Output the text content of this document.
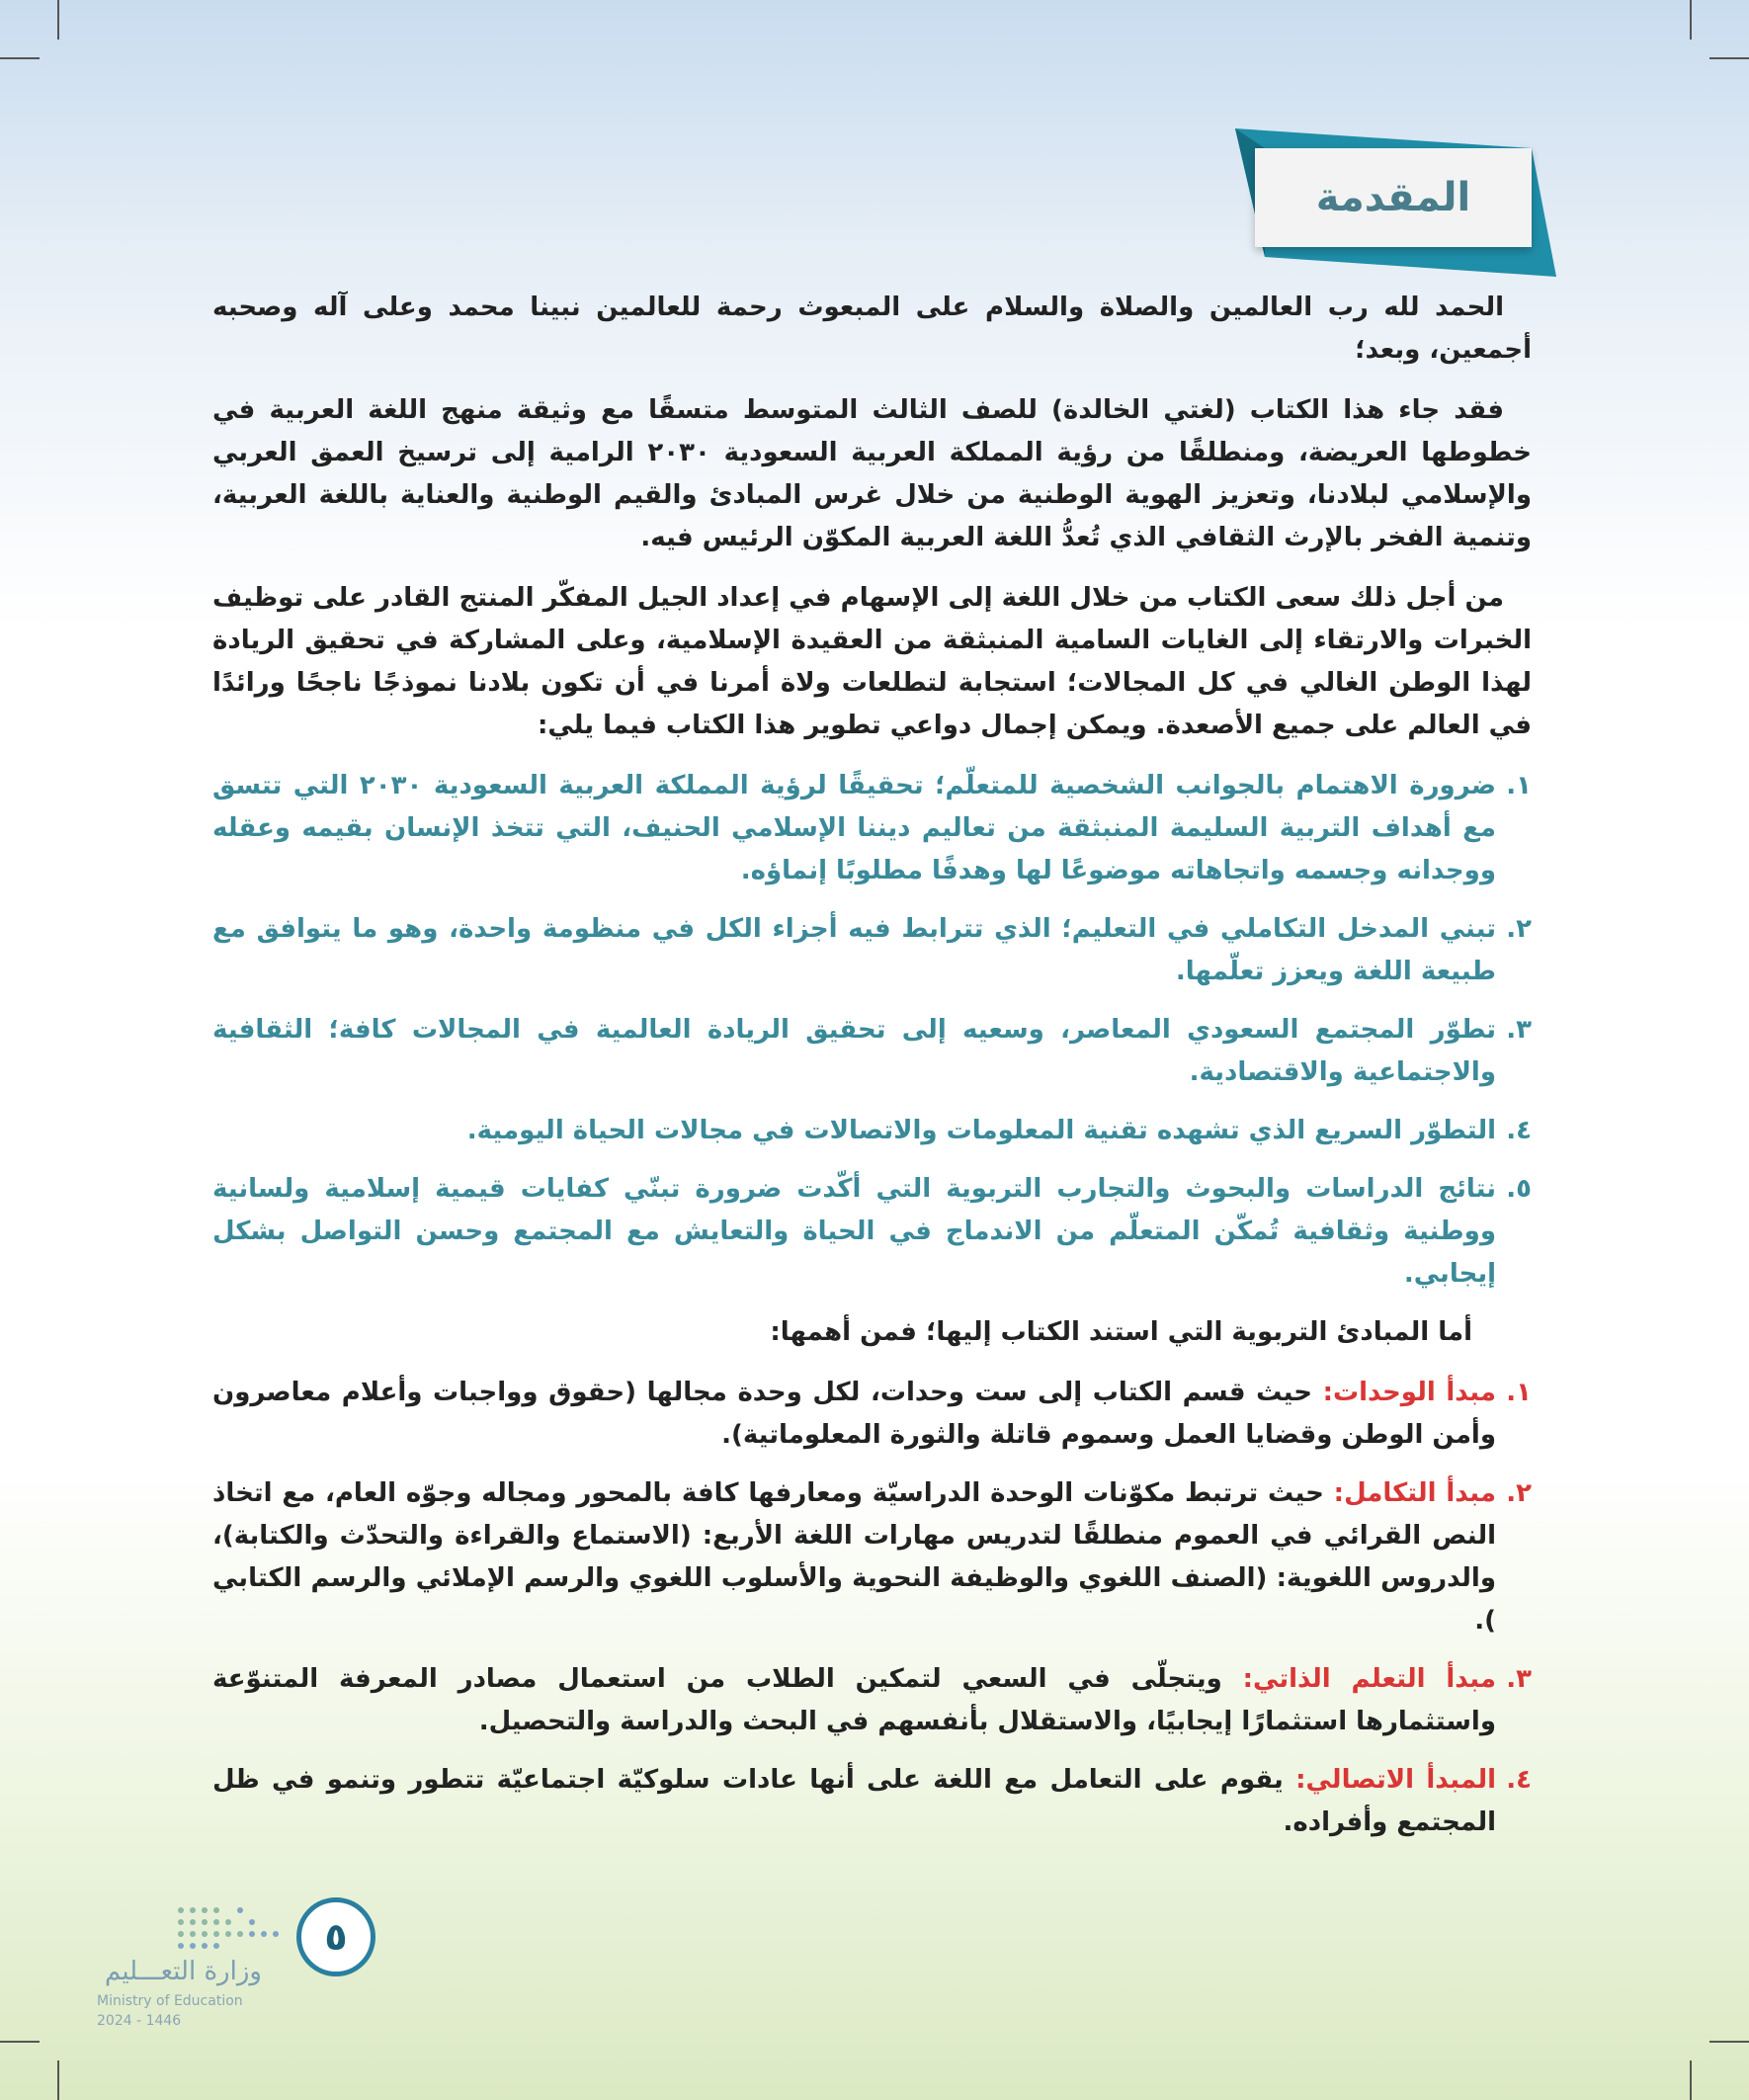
المقدمة

الحمد لله رب العالمين والصلاة والسلام على المبعوث رحمة للعالمين نبينا محمد وعلى آله وصحبه أجمعين، وبعد؛

فقد جاء هذا الكتاب (لغتي الخالدة) للصف الثالث المتوسط متسقًا مع وثيقة منهج اللغة العربية في خطوطها العريضة، ومنطلقًا من رؤية المملكة العربية السعودية ٢٠٣٠ الرامية إلى ترسيخ العمق العربي والإسلامي لبلادنا، وتعزيز الهوية الوطنية من خلال غرس المبادئ والقيم الوطنية والعناية باللغة العربية، وتنمية الفخر بالإرث الثقافي الذي تُعدُّ اللغة العربية المكوّن الرئيس فيه.

من أجل ذلك سعى الكتاب من خلال اللغة إلى الإسهام في إعداد الجيل المفكّر المنتج القادر على توظيف الخبرات والارتقاء إلى الغايات السامية المنبثقة من العقيدة الإسلامية، وعلى المشاركة في تحقيق الريادة لهذا الوطن الغالي في كل المجالات؛ استجابة لتطلعات ولاة أمرنا في أن تكون بلادنا نموذجًا ناجحًا ورائدًا في العالم على جميع الأصعدة. ويمكن إجمال دواعي تطوير هذا الكتاب فيما يلي:

١.
ضرورة الاهتمام بالجوانب الشخصية للمتعلّم؛ تحقيقًا لرؤية المملكة العربية السعودية ٢٠٣٠ التي تتسق مع أهداف التربية السليمة المنبثقة من تعاليم ديننا الإسلامي الحنيف، التي تتخذ الإنسان بقيمه وعقله ووجدانه وجسمه واتجاهاته موضوعًا لها وهدفًا مطلوبًا إنماؤه.
٢.
تبني المدخل التكاملي في التعليم؛ الذي تترابط فيه أجزاء الكل في منظومة واحدة، وهو ما يتوافق مع طبيعة اللغة ويعزز تعلّمها.
٣.
تطوّر المجتمع السعودي المعاصر، وسعيه إلى تحقيق الريادة العالمية في المجالات كافة؛ الثقافية والاجتماعية والاقتصادية.
٤.
التطوّر السريع الذي تشهده تقنية المعلومات والاتصالات في مجالات الحياة اليومية.
٥.
نتائج الدراسات والبحوث والتجارب التربوية التي أكّدت ضرورة تبنّي كفايات قيمية إسلامية ولسانية ووطنية وثقافية تُمكّن المتعلّم من الاندماج في الحياة والتعايش مع المجتمع وحسن التواصل بشكل إيجابي.

أما المبادئ التربوية التي استند الكتاب إليها؛ فمن أهمها:

١.
مبدأ الوحدات: حيث قسم الكتاب إلى ست وحدات، لكل وحدة مجالها (حقوق وواجبات وأعلام معاصرون وأمن الوطن وقضايا العمل وسموم قاتلة والثورة المعلوماتية).
٢.
مبدأ التكامل: حيث ترتبط مكوّنات الوحدة الدراسيّة ومعارفها كافة بالمحور ومجاله وجوّه العام، مع اتخاذ النص القرائي في العموم منطلقًا لتدريس مهارات اللغة الأربع: (الاستماع والقراءة والتحدّث والكتابة)، والدروس اللغوية: (الصنف اللغوي والوظيفة النحوية والأسلوب اللغوي والرسم الإملائي والرسم الكتابي ).
٣.
مبدأ التعلم الذاتي: ويتجلّى في السعي لتمكين الطلاب من استعمال مصادر المعرفة المتنوّعة واستثمارها استثمارًا إيجابيًا، والاستقلال بأنفسهم في البحث والدراسة والتحصيل.
٤.
المبدأ الاتصالي: يقوم على التعامل مع اللغة على أنها عادات سلوكيّة اجتماعيّة تتطور وتنمو في ظل المجتمع وأفراده.
٥
وزارة التعـــليم
Ministry of Education
2024 - 1446
